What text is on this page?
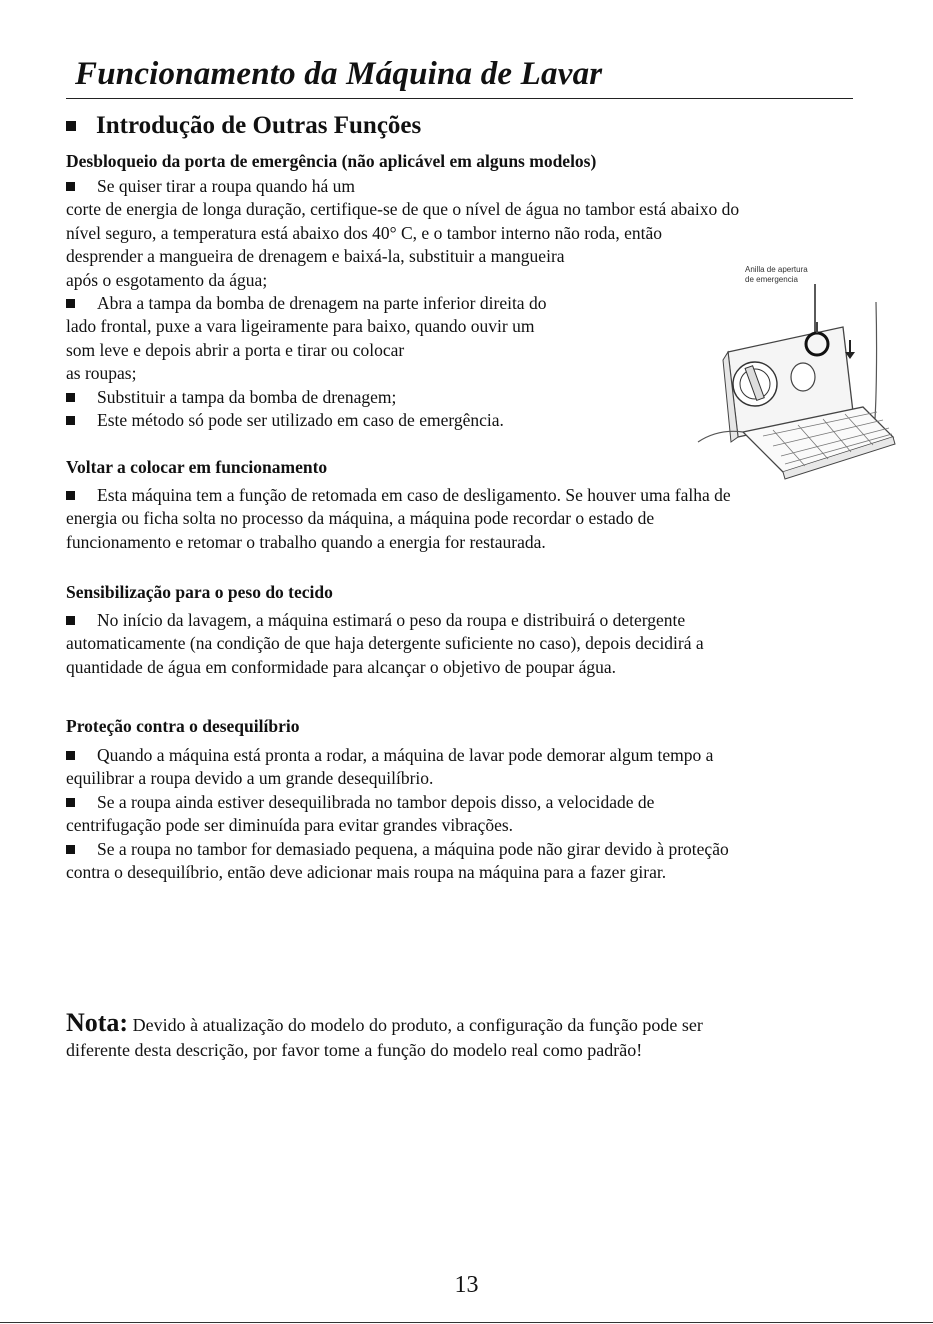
Funcionamento da Máquina de Lavar
Introdução de Outras Funções
Desbloqueio da porta de emergência (não aplicável em alguns modelos)
Se quiser tirar a roupa quando há um
corte de energia de longa duração, certifique-se de que o nível de água no tambor está abaixo do
nível seguro, a temperatura está abaixo dos 40° C, e o tambor interno não roda, então
desprender a mangueira de drenagem e baixá-la, substituir a mangueira
após o esgotamento da água;
Abra a tampa da bomba de drenagem na parte inferior direita do
lado frontal, puxe a vara ligeiramente para baixo, quando ouvir um
som leve e depois abrir a porta e tirar ou colocar
as roupas;
Substituir a tampa da bomba de drenagem;
Este método só pode ser utilizado em caso de emergência.
Anilla de apertura
de emergencia
Voltar a colocar em funcionamento
Esta máquina tem a função de retomada em caso de desligamento. Se houver uma falha de
energia ou ficha solta no processo da máquina, a máquina pode recordar o estado de
funcionamento e retomar o trabalho quando a energia for restaurada.
Sensibilização para o peso do tecido
No início da lavagem, a máquina estimará o peso da roupa e distribuirá o detergente
automaticamente (na condição de que haja detergente suficiente no caso), depois decidirá a
quantidade de água em conformidade para alcançar o objetivo de poupar água.
Proteção contra o desequilíbrio
Quando a máquina está pronta a rodar, a máquina de lavar pode demorar algum tempo a
equilibrar a roupa devido a um grande desequilíbrio.
Se a roupa ainda estiver desequilibrada no tambor depois disso, a velocidade de
centrifugação pode ser diminuída para evitar grandes vibrações.
Se a roupa no tambor for demasiado pequena, a máquina pode não girar devido à proteção
contra o desequilíbrio, então deve adicionar mais roupa na máquina para a fazer girar.

Nota: Devido à atualização do modelo do produto, a configuração da função pode ser
diferente desta descrição, por favor tome a função do modelo real como padrão!

13
